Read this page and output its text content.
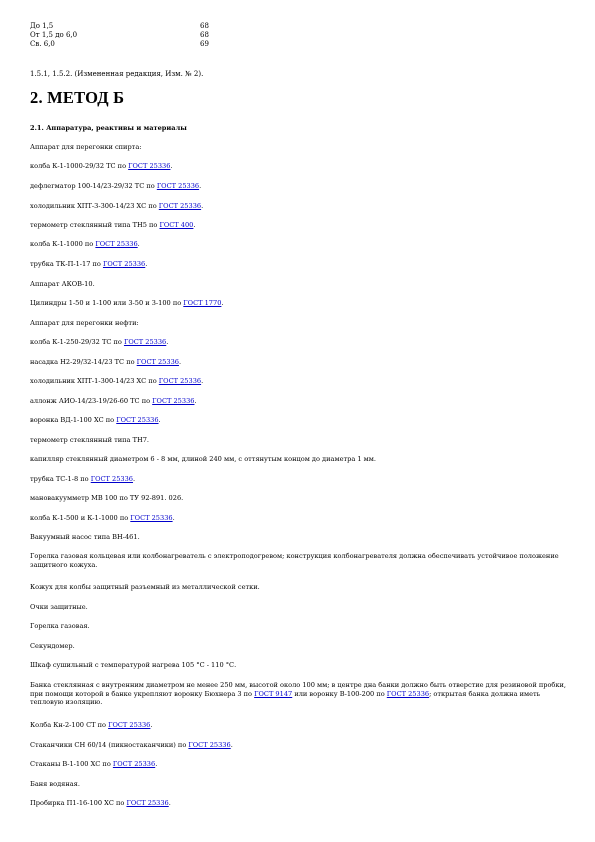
До 1,5	68
От 1,5 до 6,0	68
Св. 6,0	69
1.5.1, 1.5.2. (Измененная редакция, Изм. № 2).
2. МЕТОД Б

2.1. Аппаратура, реактивы и материалы

Аппарат для перегонки спирта:

колба К-1-1000-29/32 ТС по ГОСТ 25336.

дефлегматор 100-14/23-29/32 ТС по ГОСТ 25336.

холодильник ХПТ-3-300-14/23 ХС по ГОСТ 25336.

термометр стеклянный типа ТН5 по ГОСТ 400.

колба К-1-1000 по ГОСТ 25336.

трубка ТК-П-1-17 по ГОСТ 25336.

Аппарат АКОВ-10.

Цилиндры 1-50 и 1-100 или 3-50 и 3-100 по ГОСТ 1770.

Аппарат для перегонки нефти:

колба К-1-250-29/32 ТС по ГОСТ 25336.

насадка Н2-29/32-14/23 ТС по ГОСТ 25336.

холодильник ХПТ-1-300-14/23 ХС по ГОСТ 25336.

аллонж АИО-14/23-19/26-60 ТС по ГОСТ 25336.

воронка ВД-1-100 ХС по ГОСТ 25336.

термометр стеклянный типа ТН7.

капилляр стеклянный диаметром 6 - 8 мм, длиной 240 мм, с оттянутым концом до диаметра 1 мм.

трубка ТС-1-8 по ГОСТ 25336.

мановакуумметр МВ 100 по ТУ 92-891. 026.

колба К-1-500 и К-1-1000 по ГОСТ 25336.

Вакуумный насос типа ВН-461.

Горелка газовая кольцевая или колбонагреватель с электроподогревом; конструкция колбонагревателя должна обеспечивать устойчивое положение защитного кожуха.

Кожух для колбы защитный разъемный из металлической сетки.

Очки защитные.

Горелка газовая.

Секундомер.

Шкаф сушильный с температурой нагрева 105 °С - 110 °С.

Банка стеклянная с внутренним диаметром не менее 250 мм, высотой около 100 мм; в центре дна банки должно быть отверстие для резиновой пробки, при помощи которой в банке укрепляют воронку Бюхнера 3 по ГОСТ 9147 или воронку В-100-200 по ГОСТ 25336; открытая банка должна иметь тепловую изоляцию.

Колба Кн-2-100 СТ по ГОСТ 25336.

Стаканчики СН 60/14 (пикностаканчики) по ГОСТ 25336.

Стаканы В-1-100 ХС по ГОСТ 25336.

Баня водяная.

Пробирка П1-16-100 ХС по ГОСТ 25336.
